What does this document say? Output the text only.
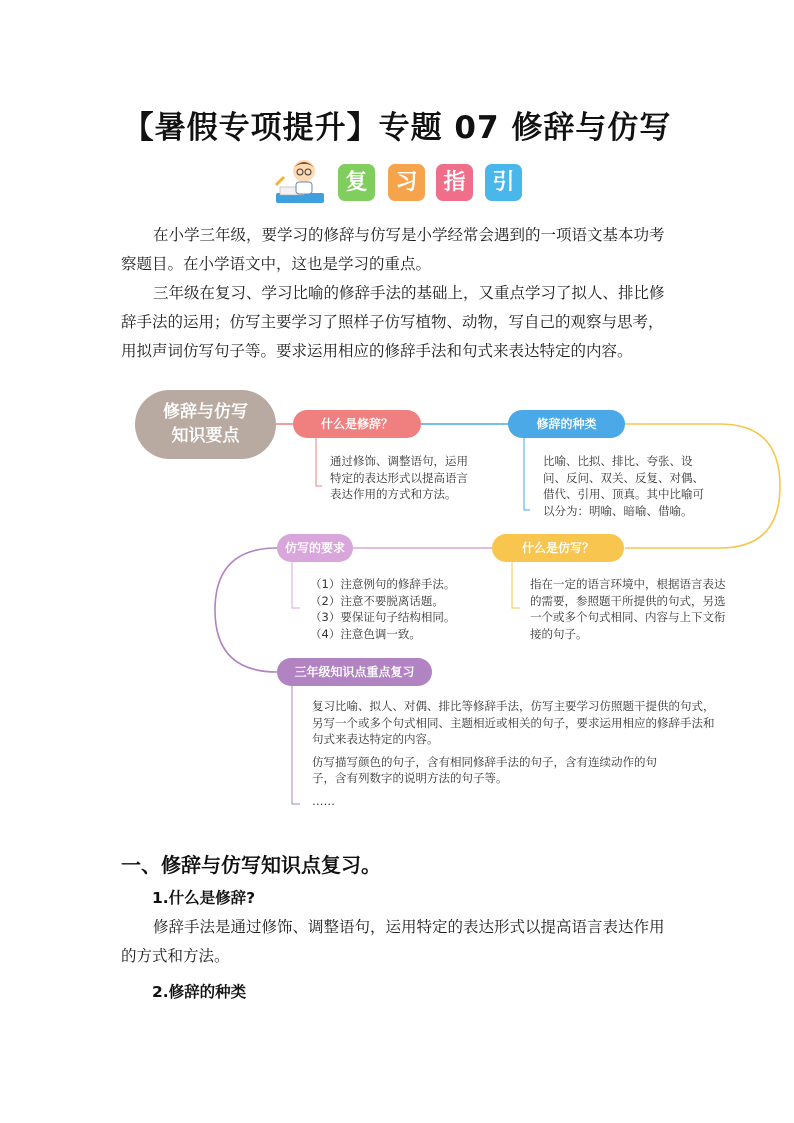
【暑假专项提升】专题 07 修辞与仿写
复	习	指	引

在小学三年级，要学习的修辞与仿写是小学经常会遇到的一项语文基本功考

察题目。在小学语文中，这也是学习的重点。

三年级在复习、学习比喻的修辞手法的基础上，又重点学习了拟人、排比修

辞手法的运用；仿写主要学习了照样子仿写植物、动物，写自己的观察与思考，

用拟声词仿写句子等。要求运用相应的修辞手法和句式来表达特定的内容。

修辞与仿写
知识要点
什么是修辞？
通过修饰、调整语句，运用
特定的表达形式以提高语言
表达作用的方式和方法。
修辞的种类
比喻、比拟、排比、夸张、设
问、反问、双关、反复、对偶、
借代、引用、顶真。其中比喻可
以分为：明喻、暗喻、借喻。
什么是仿写？
指在一定的语言环境中，根据语言表达
的需要，参照题干所提供的句式，另选
一个或多个句式相同、内容与上下文衔
接的句子。
仿写的要求
（1）注意例句的修辞手法。
（2）注意不要脱离话题。
（3）要保证句子结构相同。
（4）注意色调一致。
三年级知识点重点复习
复习比喻、拟人、对偶、排比等修辞手法，仿写主要学习仿照题干提供的句式，
另写一个或多个句式相同、主题相近或相关的句子，要求运用相应的修辞手法和
句式来表达特定的内容。
仿写描写颜色的句子，含有相同修辞手法的句子，含有连续动作的句
子，含有列数字的说明方法的句子等。
……
一、修辞与仿写知识点复习。
1.什么是修辞?

修辞手法是通过修饰、调整语句，运用特定的表达形式以提高语言表达作用

的方式和方法。

2.修辞的种类
